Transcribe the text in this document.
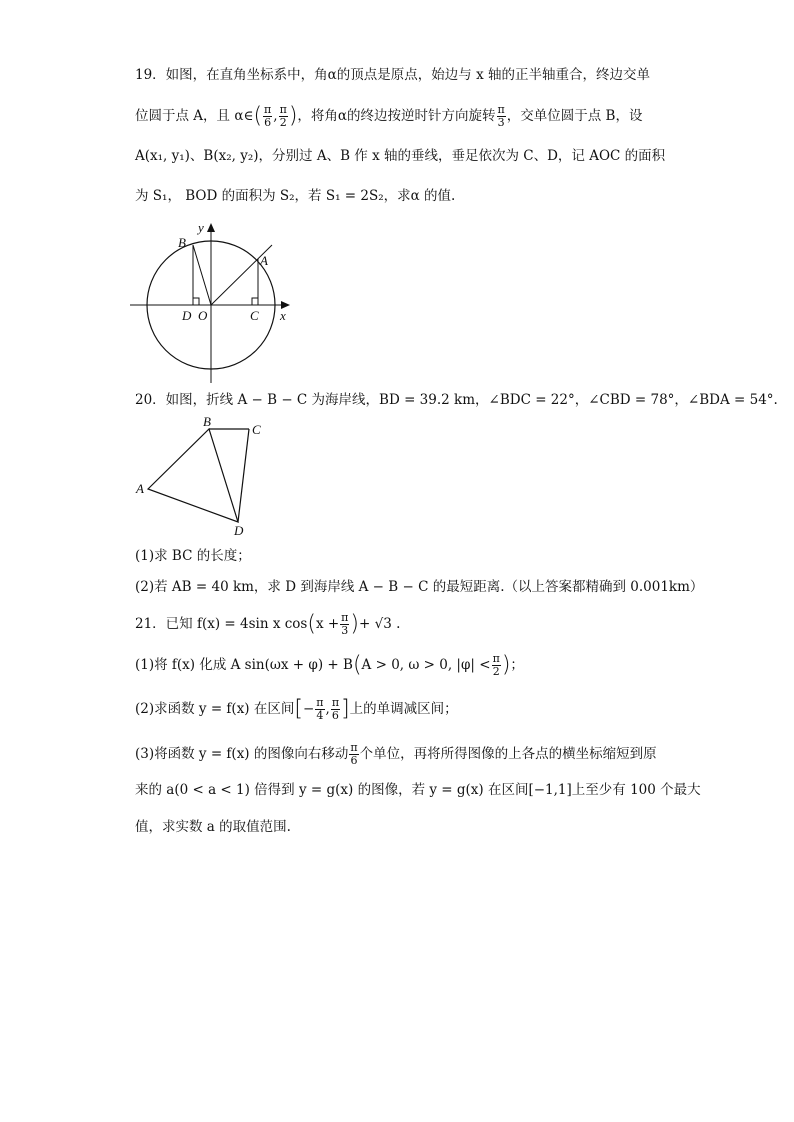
19．如图，在直角坐标系中，角α的顶点是原点，始边与 x 轴的正半轴重合，终边交单
位圆于点 A，且 α∈( $\frac{\pi}{6}$ , $\frac{\pi}{2}$ )，将角α的终边按逆时针方向旋转 $\frac{\pi}{3}$ ，交单位圆于点 B，设
A(x₁, y₁)、B(x₂, y₂)，分别过 A、B 作 x 轴的垂线，垂足依次为 C、D，记 AOC 的面积
为 S₁， BOD 的面积为 S₂，若 S₁ = 2S₂，求α 的值.
B
y
A
D O	C x
20．如图，折线 A − B − C 为海岸线，BD = 39.2 km，∠BDC = 22°，∠CBD = 78°，∠BDA = 54°.
B
C
A
D
(1)求 BC 的长度；
(2)若 AB = 40 km，求 D 到海岸线 A − B − C 的最短距离.（以上答案都精确到 0.001km）
21．已知 f(x) = 4sin x $\cos(x + \frac{\pi}{3}$ )+ √3 .
(1)将 f(x) 化成 A sin(ωx + φ) + B(A > 0, ω > 0, $|\varphi| < \frac{\pi}{2}$ )；
(2)求函数 y = f(x) 在区间[− $\frac{\pi}{4}$ , $\frac{\pi}{6}$ ]上的单调减区间；
(3)将函数 y = f(x) 的图像向右移动 $\frac{\pi}{6}$ 个单位，再将所得图像的上各点的横坐标缩短到原
来的 a(0 < a < 1) 倍得到 y = g(x) 的图像，若 y = g(x) 在区间[−1,1]上至少有 100 个最大
值，求实数 a 的取值范围.
